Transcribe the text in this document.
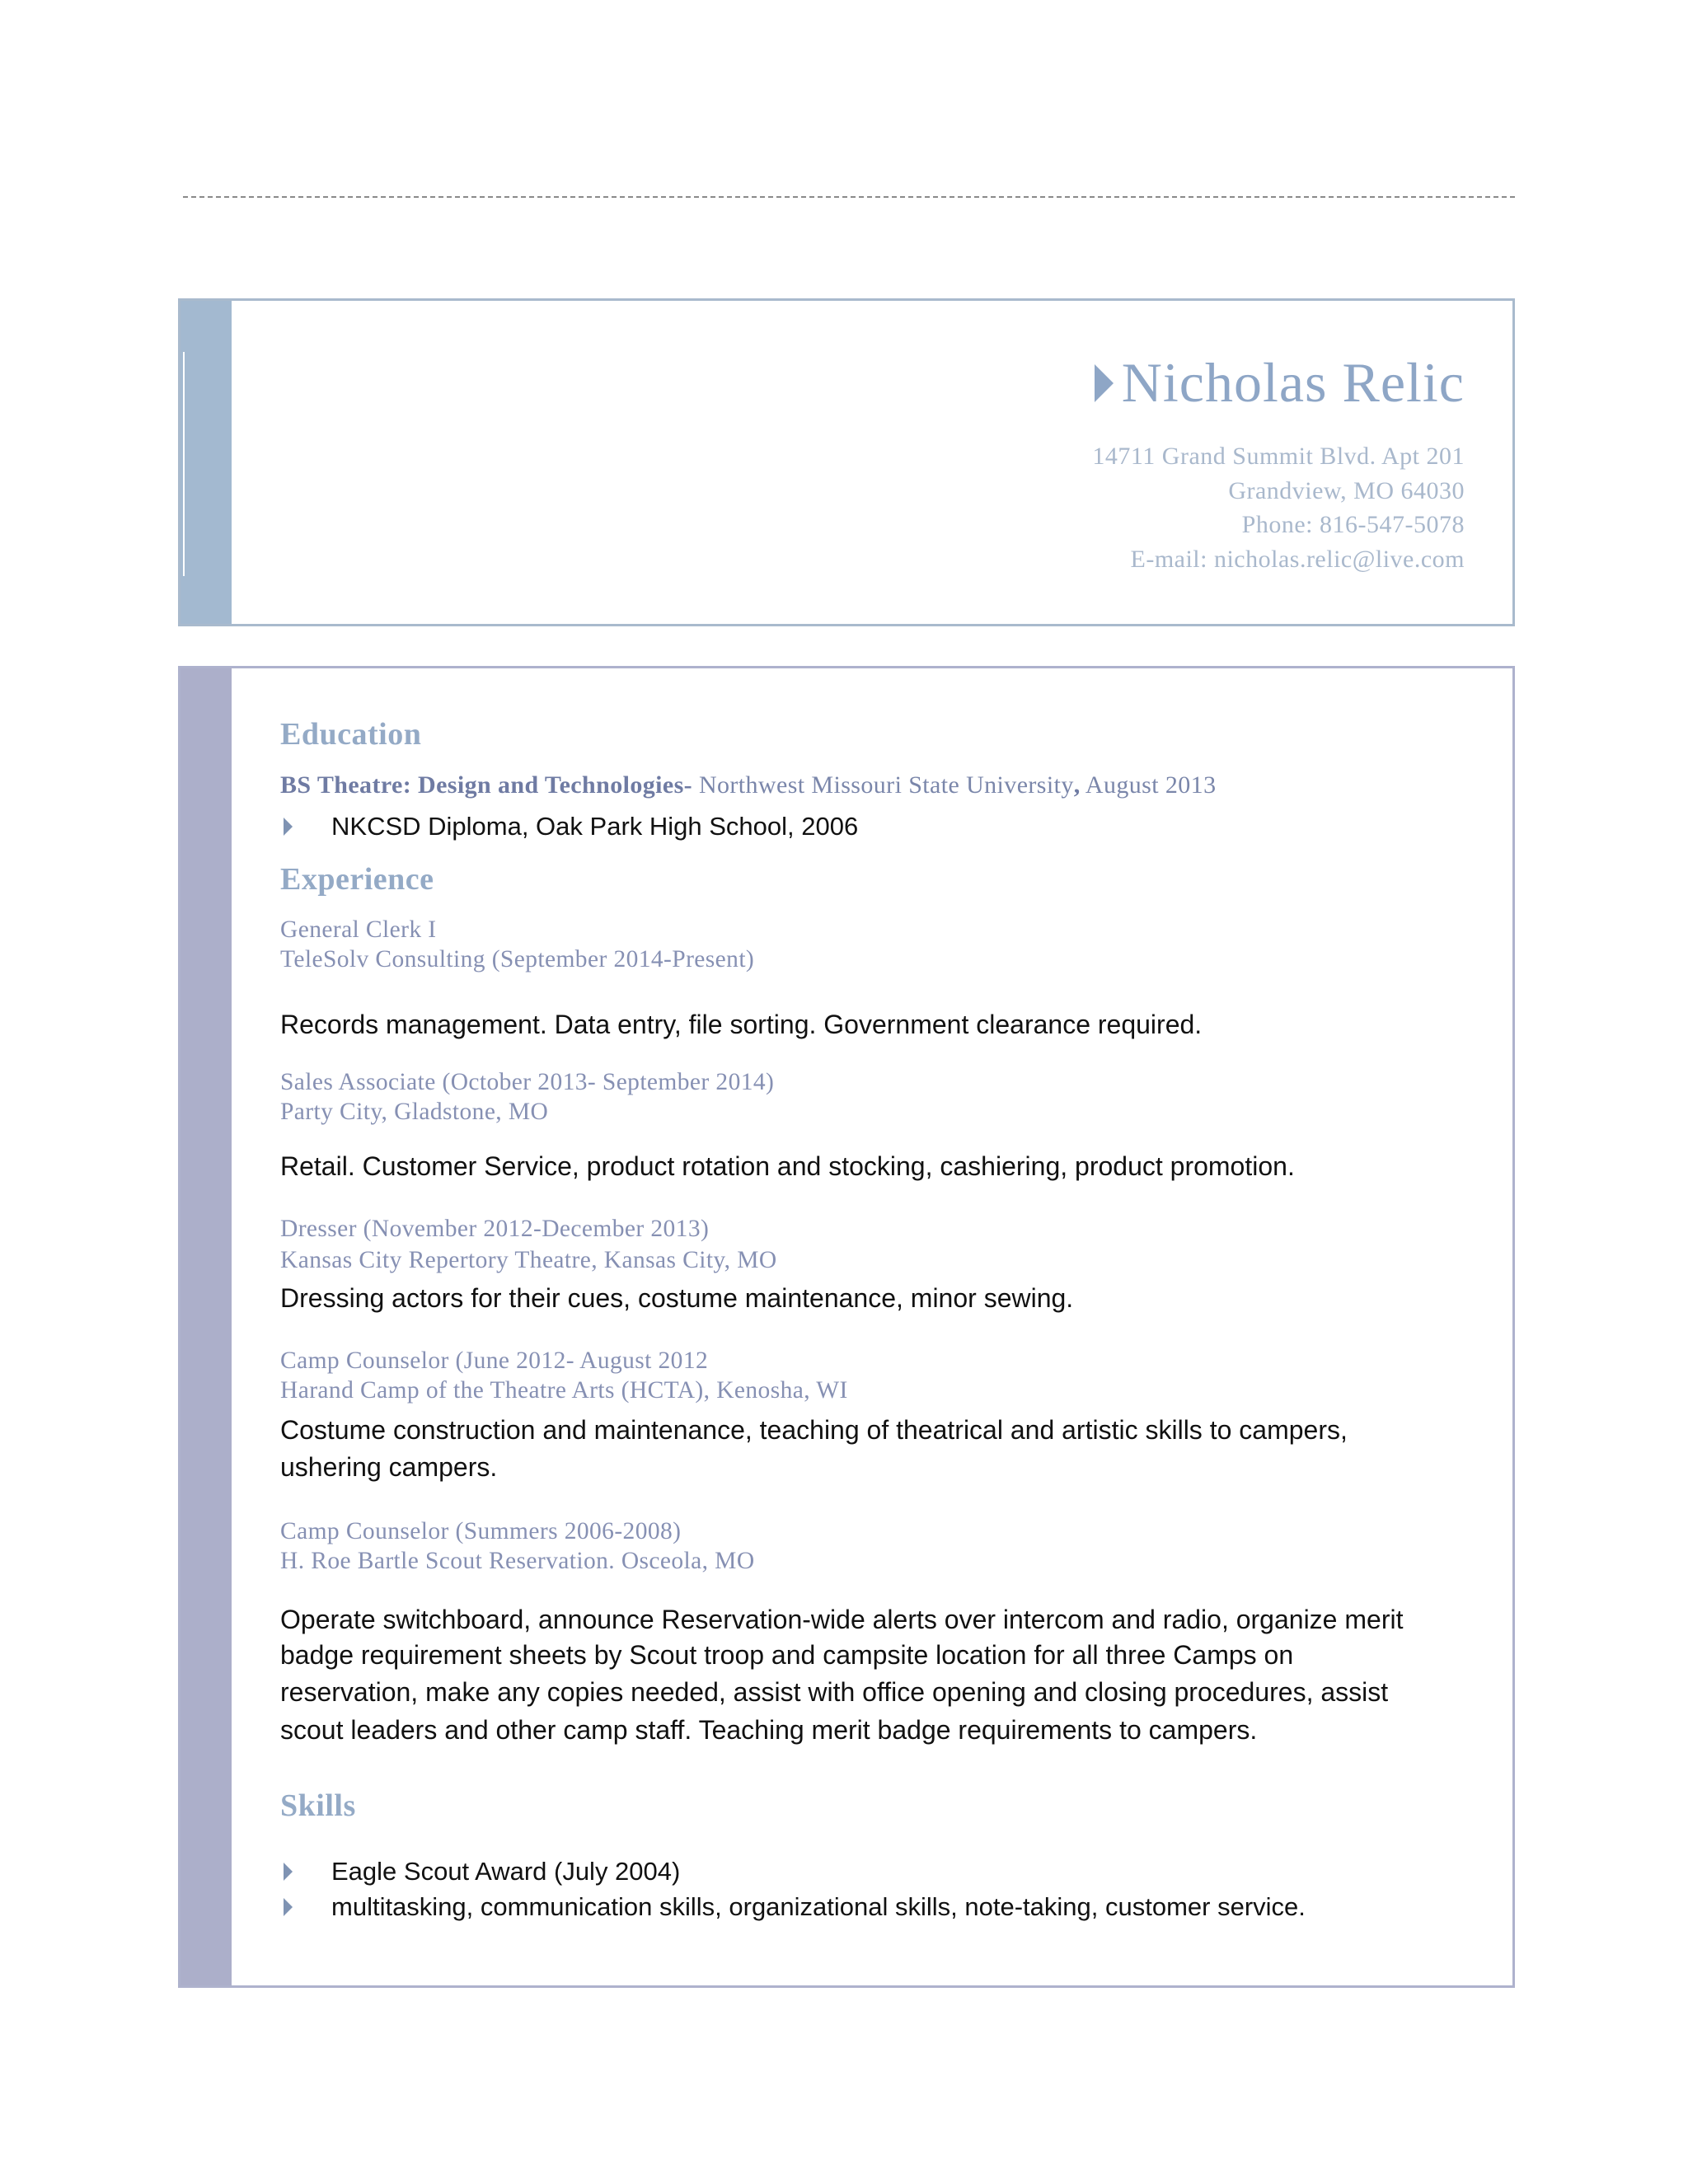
Nicholas Relic
14711 Grand Summit Blvd. Apt 201
Grandview, MO 64030
Phone: 816-547-5078
E-mail: nicholas.relic@live.com
Education
BS Theatre: Design and Technologies- Northwest Missouri State University, August 2013
NKCSD Diploma, Oak Park High School, 2006
Experience
General Clerk I
TeleSolv Consulting (September 2014-Present)
Records management. Data entry, file sorting. Government clearance required.
Sales Associate (October 2013- September 2014)
Party City, Gladstone, MO
Retail. Customer Service, product rotation and stocking, cashiering, product promotion.
Dresser (November 2012-December 2013)
Kansas City Repertory Theatre, Kansas City, MO
Dressing actors for their cues, costume maintenance, minor sewing.
Camp Counselor (June 2012- August 2012
Harand Camp of the Theatre Arts (HCTA), Kenosha, WI
Costume construction and maintenance, teaching of theatrical and artistic skills to campers,
ushering campers.
Camp Counselor (Summers 2006-2008)
H. Roe Bartle Scout Reservation. Osceola, MO
Operate switchboard, announce Reservation-wide alerts over intercom and radio, organize merit
badge requirement sheets by Scout troop and campsite location for all three Camps on
reservation, make any copies needed, assist with office opening and closing procedures, assist
scout leaders and other camp staff. Teaching merit badge requirements to campers.
Skills
Eagle Scout Award (July 2004)
multitasking, communication skills, organizational skills, note-taking, customer service.
